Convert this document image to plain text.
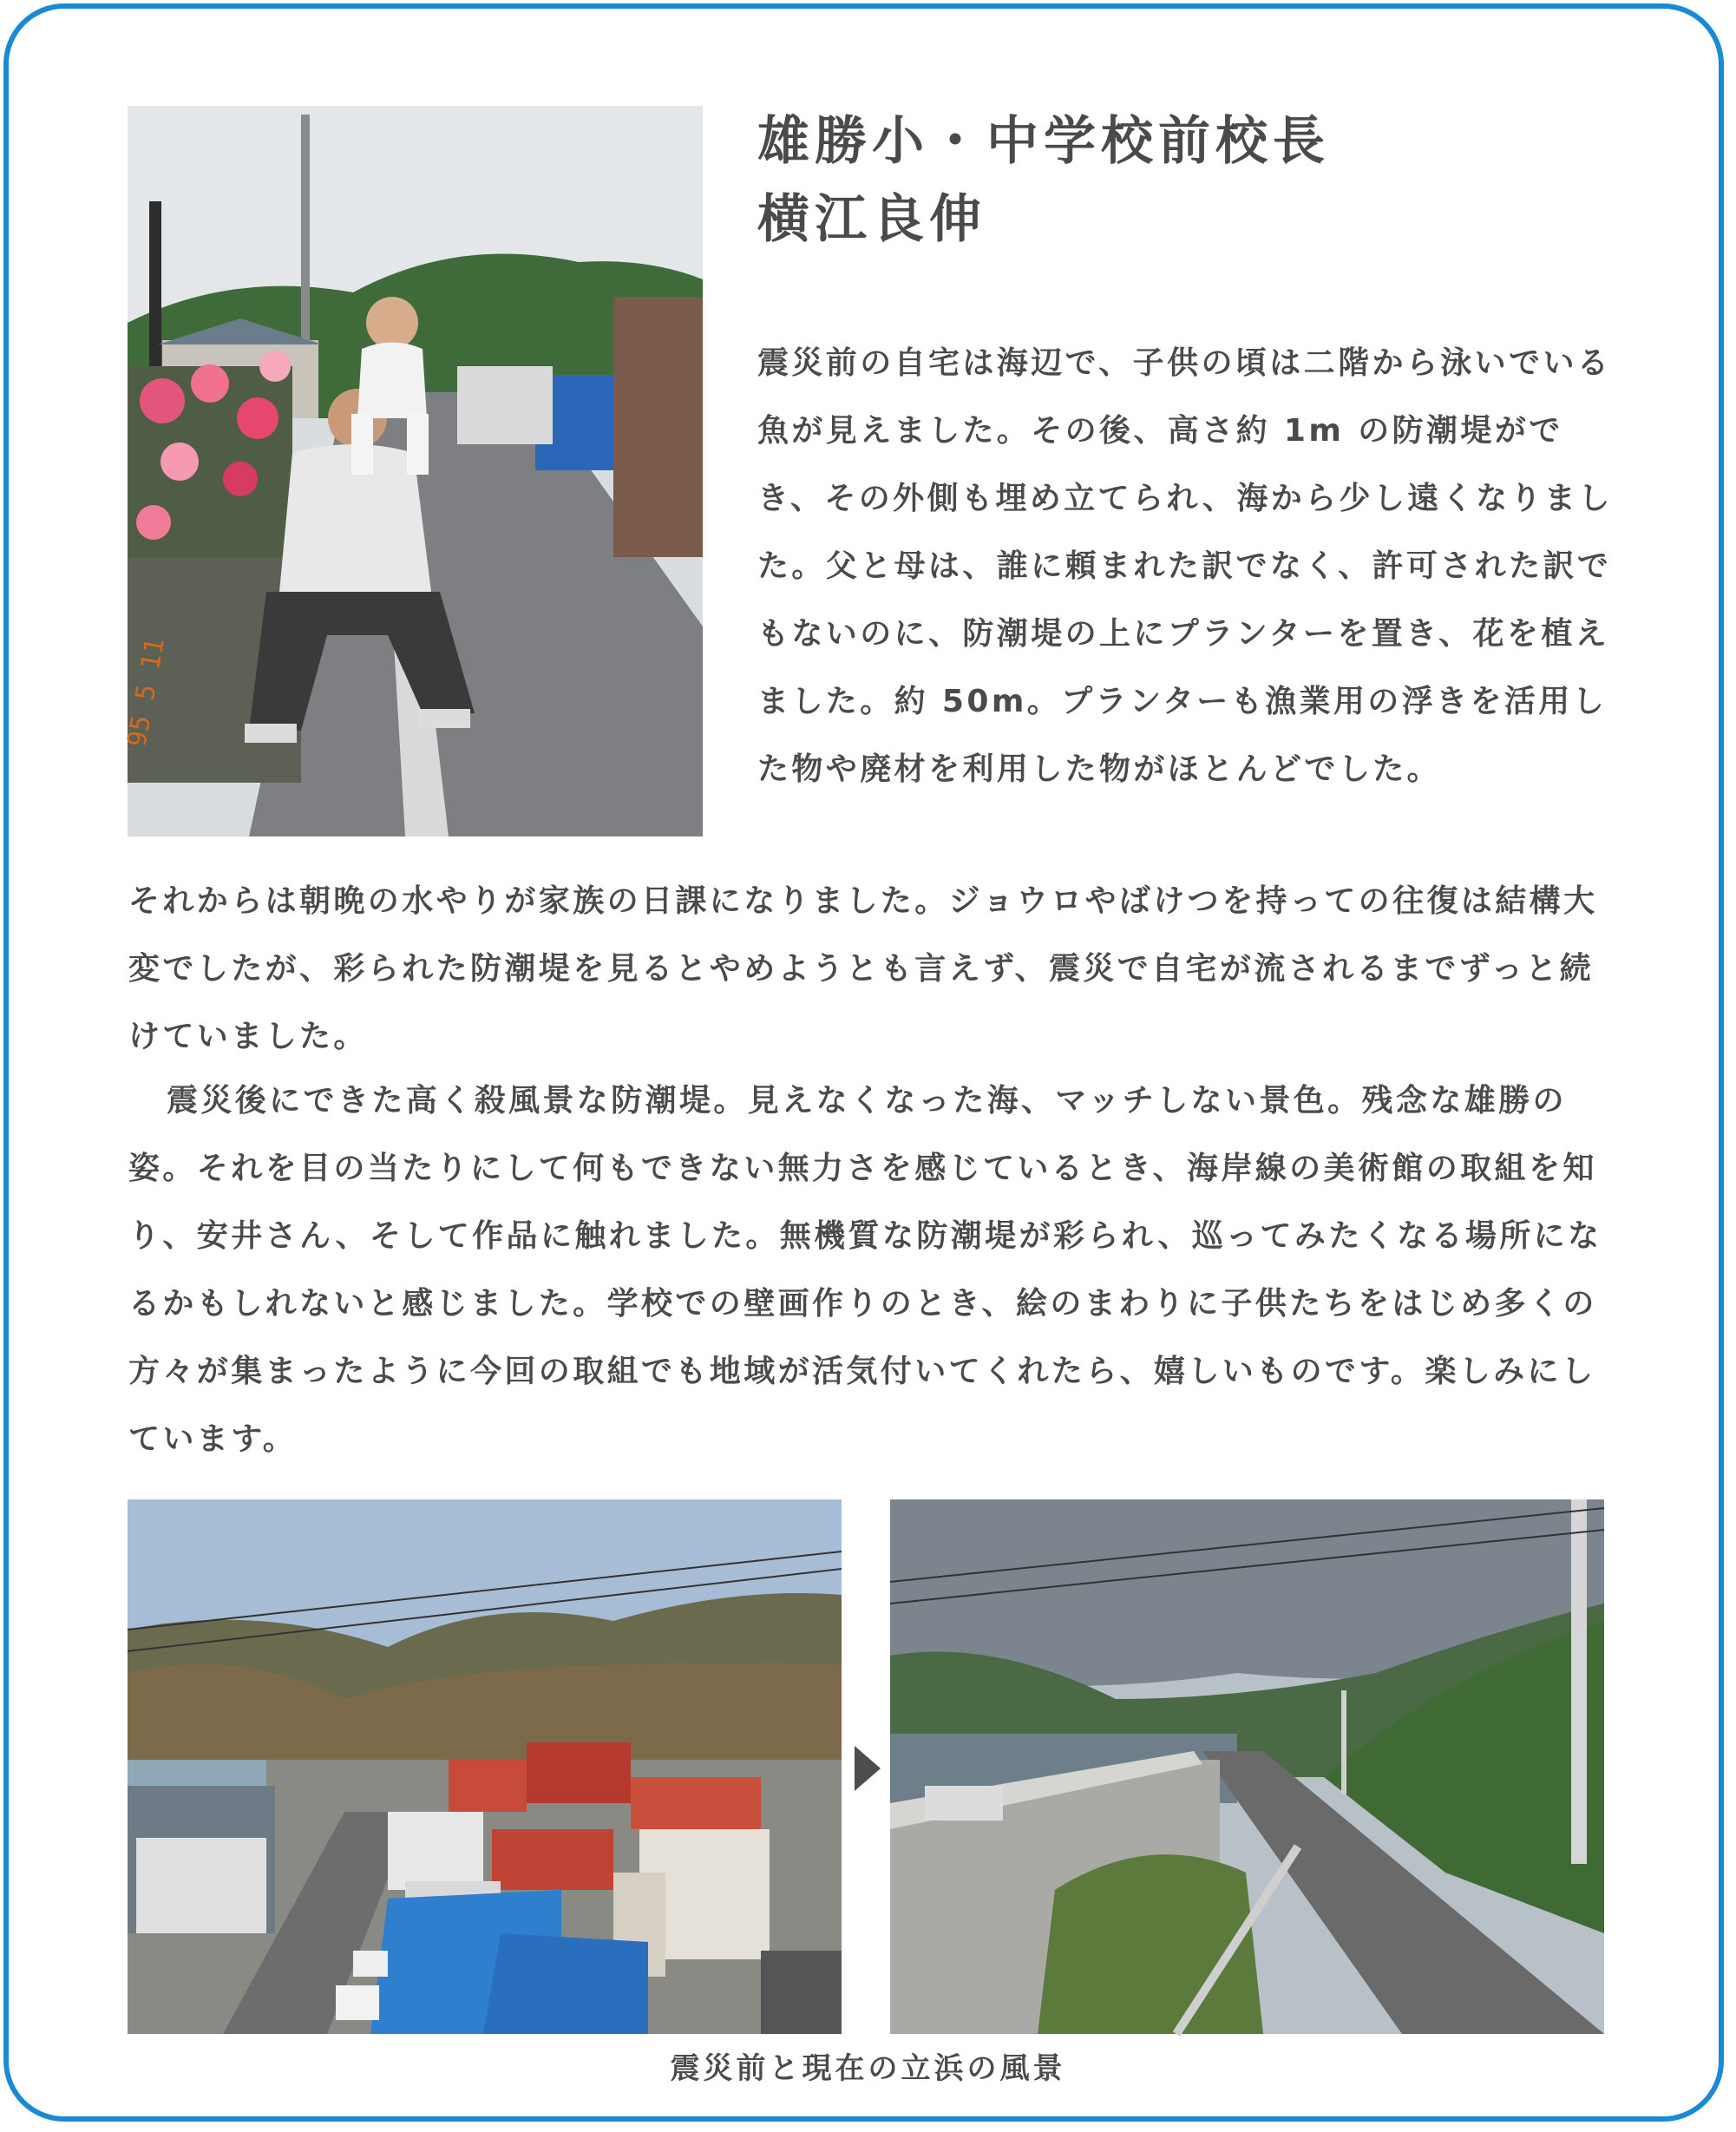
95 5 11
雄勝小・中学校前校長
横江良伸

震災前の自宅は海辺で、子供の頃は二階から泳いでいる魚が見えました。その後、高さ約 1m の防潮堤ができ、その外側も埋め立てられ、海から少し遠くなりました。父と母は、誰に頼まれた訳でなく、許可された訳でもないのに、防潮堤の上にプランターを置き、花を植えました。約 50m。プランターも漁業用の浮きを活用した物や廃材を利用した物がほとんどでした。

それからは朝晩の水やりが家族の日課になりました。ジョウロやばけつを持っての往復は結構大変でしたが、彩られた防潮堤を見るとやめようとも言えず、震災で自宅が流されるまでずっと続けていました。

震災後にできた高く殺風景な防潮堤。見えなくなった海、マッチしない景色。残念な雄勝の姿。それを目の当たりにして何もできない無力さを感じているとき、海岸線の美術館の取組を知り、安井さん、そして作品に触れました。無機質な防潮堤が彩られ、巡ってみたくなる場所になるかもしれないと感じました。学校での壁画作りのとき、絵のまわりに子供たちをはじめ多くの方々が集まったように今回の取組でも地域が活気付いてくれたら、嬉しいものです。楽しみにしています。

震災前と現在の立浜の風景
